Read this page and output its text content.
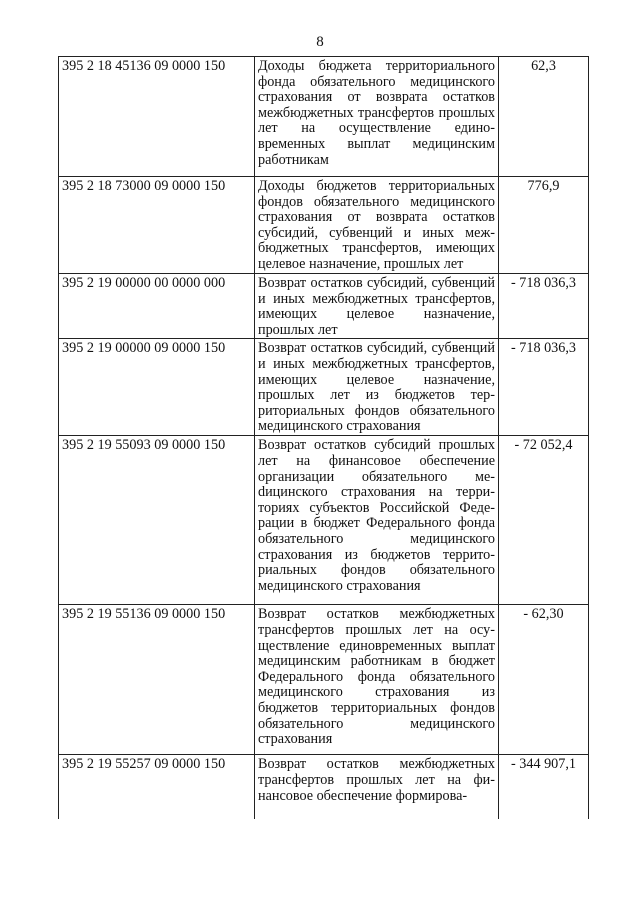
8
395 2 18 45136 09 0000 150	Доходы бюджета территориального фонда обязательного медицинского страхования от возврата остатков межбюджетных трансфертов прошлых лет на осуществление единовременных выплат медицинским работникам	62,3
395 2 18 73000 09 0000 150	Доходы бюджетов территориальных фондов обязательного медицинского страхования от возврата остатков субсидий, субвенций и иных межбюджетных трансфертов, имеющих целевое назначение, прошлых лет	776,9
395 2 19 00000 00 0000 000	Возврат остатков субсидий, субвенций и иных межбюджетных трансфертов, имеющих целевое назначение, прошлых лет	- 718 036,3
395 2 19 00000 09 0000 150	Возврат остатков субсидий, субвенций и иных межбюджетных трансфертов, имеющих целевое назначение, прошлых лет из бюджетов территориальных фондов обязательного медицинского страхования	- 718 036,3
395 2 19 55093 09 0000 150	Возврат остатков субсидий прошлых лет на финансовое обеспечение организации обязательного меdицинского страхования на территориях субъектов Российской Федерации в бюджет Федерального фонда обязательного медицинского страхования из бюджетов территориальных фондов обязательного медицинского страхования	- 72 052,4
395 2 19 55136 09 0000 150	Возврат остатков межбюджетных трансфертов прошлых лет на осуществление единовременных выплат медицинским работникам в бюджет Федерального фонда обязательного медицинского страхования из бюджетов территориальных фондов обязательного медицинского страхования	- 62,30
395 2 19 55257 09 0000 150	Возврат остатков межбюджетных трансфертов прошлых лет на финансовое обеспечение формирова-	- 344 907,1
